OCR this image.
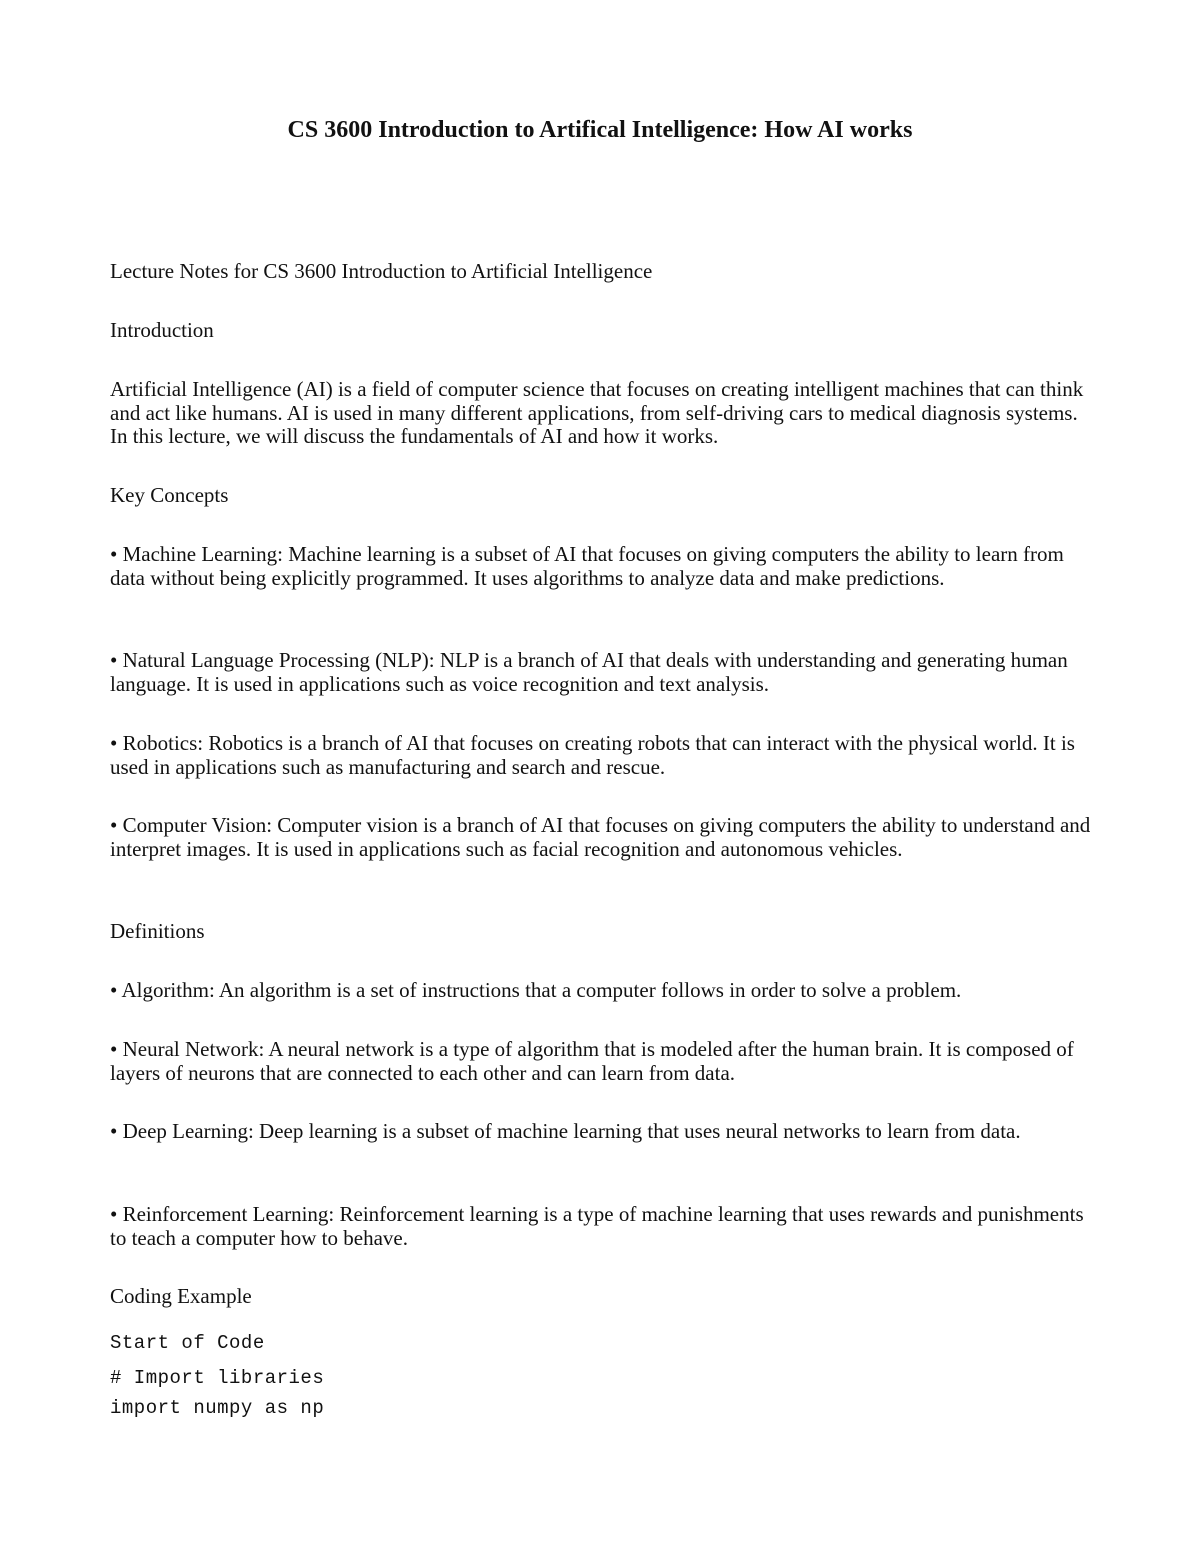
CS 3600 Introduction to Artifical Intelligence: How AI works

Lecture Notes for CS 3600 Introduction to Artificial Intelligence

Introduction

Artificial Intelligence (AI) is a field of computer science that focuses on creating intelligent machines that can think and act like humans. AI is used in many different applications, from self-driving cars to medical diagnosis systems. In this lecture, we will discuss the fundamentals of AI and how it works.

Key Concepts

• Machine Learning: Machine learning is a subset of AI that focuses on giving computers the ability to learn from data without being explicitly programmed. It uses algorithms to analyze data and make predictions.

• Natural Language Processing (NLP): NLP is a branch of AI that deals with understanding and generating human language. It is used in applications such as voice recognition and text analysis.

• Robotics: Robotics is a branch of AI that focuses on creating robots that can interact with the physical world. It is used in applications such as manufacturing and search and rescue.

• Computer Vision: Computer vision is a branch of AI that focuses on giving computers the ability to understand and interpret images. It is used in applications such as facial recognition and autonomous vehicles.

Definitions

• Algorithm: An algorithm is a set of instructions that a computer follows in order to solve a problem.

• Neural Network: A neural network is a type of algorithm that is modeled after the human brain. It is composed of layers of neurons that are connected to each other and can learn from data.

• Deep Learning: Deep learning is a subset of machine learning that uses neural networks to learn from data.

• Reinforcement Learning: Reinforcement learning is a type of machine learning that uses rewards and punishments to teach a computer how to behave.

Coding Example

Start of Code

# Import libraries

import numpy as np
